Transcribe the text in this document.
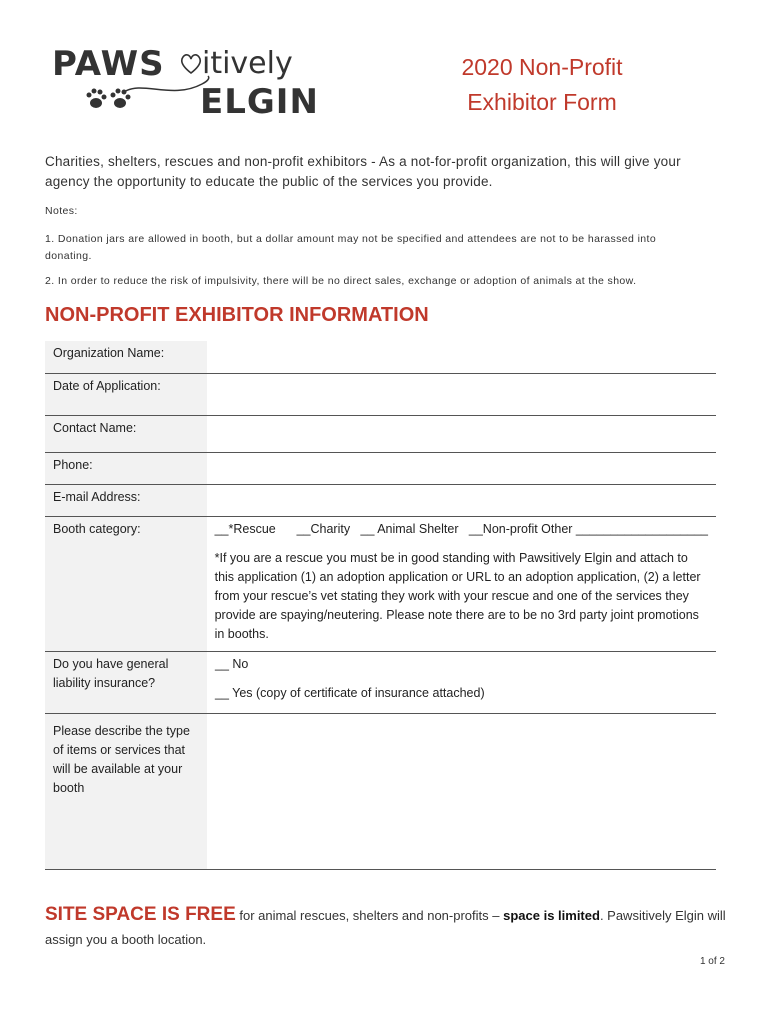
PAWS itively
ELGIN
2020 Non-Profit
Exhibitor Form
Charities, shelters, rescues and non-profit exhibitors - As a not-for-profit organization, this will give your agency the opportunity to educate the public of the services you provide.
Notes:
1. Donation jars are allowed in booth, but a dollar amount may not be specified and attendees are not to be harassed into donating.
2. In order to reduce the risk of impulsivity, there will be no direct sales, exchange or adoption of animals at the show.
NON-PROFIT EXHIBITOR INFORMATION
Organization Name:
Date of Application:
Contact Name:
Phone:
E-mail Address:
Booth category:	__*Rescue      __Charity   __ Animal Shelter   __Non-profit Other ___________________
*If you are a rescue you must be in good standing with Pawsitively Elgin and attach to this application (1) an adoption application or URL to an adoption application, (2) a letter from your rescue’s vet stating they work with your rescue and one of the services they provide are spaying/neutering. Please note there are to be no 3rd party joint promotions in booths.
Do you have general liability insurance?
__ No
__ Yes (copy of certificate of insurance attached)
Please describe the type of items or services that will be available at your booth
SITE SPACE IS FREE for animal rescues, shelters and non-profits – space is limited. Pawsitively Elgin will assign you a booth location.
1 of 2
